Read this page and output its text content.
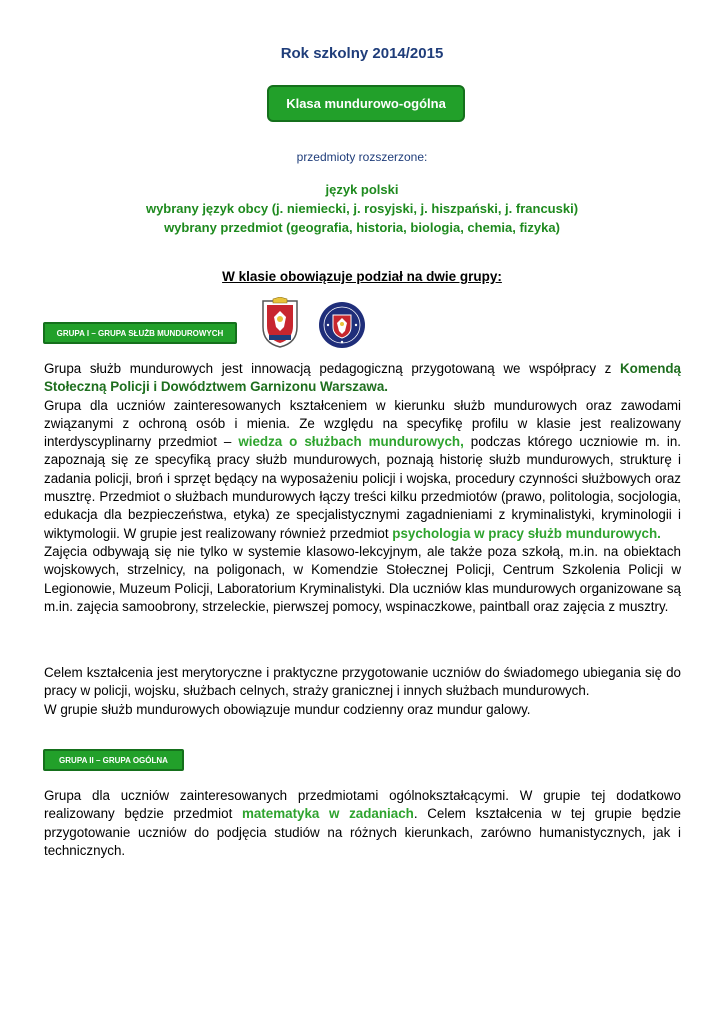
Rok szkolny 2014/2015
Klasa mundurowo-ogólna
przedmioty rozszerzone:
język polski
wybrany język obcy (j. niemiecki, j. rosyjski, j. hiszpański, j. francuski)
wybrany przedmiot (geografia, historia, biologia, chemia, fizyka)
W klasie obowiązuje podział na dwie grupy:
GRUPA I – GRUPA SŁUŻB MUNDUROWYCH
Grupa służb mundurowych jest innowacją pedagogiczną przygotowaną we współpracy z Komendą Stołeczną Policji i Dowództwem Garnizonu Warszawa.
Grupa dla uczniów zainteresowanych kształceniem w kierunku służb mundurowych oraz zawodami związanymi z ochroną osób i mienia. Ze względu na specyfikę profilu w klasie jest realizowany interdyscyplinarny przedmiot – wiedza o służbach mundurowych, podczas którego uczniowie m. in. zapoznają się ze specyfiką pracy służb mundurowych, poznają historię służb mundurowych, strukturę i zadania policji, broń i sprzęt będący na wyposażeniu policji i wojska, procedury czynności służbowych oraz musztrę. Przedmiot o służbach mundurowych łączy treści kilku przedmiotów (prawo, politologia, socjologia, edukacja dla bezpieczeństwa, etyka) ze specjalistycznymi zagadnieniami z kryminalistyki, kryminologii i wiktymologii. W grupie jest realizowany również przedmiot psychologia w pracy służb mundurowych.
Zajęcia odbywają się nie tylko w systemie klasowo-lekcyjnym, ale także poza szkołą, m.in. na obiektach wojskowych, strzelnicy, na poligonach, w Komendzie Stołecznej Policji, Centrum Szkolenia Policji w Legionowie, Muzeum Policji, Laboratorium Kryminalistyki. Dla uczniów klas mundurowych organizowane są m.in. zajęcia samoobrony, strzeleckie, pierwszej pomocy, wspinaczkowe, paintball oraz zajęcia z musztry.
Celem kształcenia jest merytoryczne i praktyczne przygotowanie uczniów do świadomego ubiegania się do pracy w policji, wojsku, służbach celnych, straży granicznej i innych służbach mundurowych.
W grupie służb mundurowych obowiązuje mundur codzienny oraz mundur galowy.
GRUPA II – GRUPA OGÓLNA
Grupa dla uczniów zainteresowanych przedmiotami ogólnokształcącymi. W grupie tej dodatkowo realizowany będzie przedmiot matematyka w zadaniach. Celem kształcenia w tej grupie będzie przygotowanie uczniów do podjęcia studiów na różnych kierunkach, zarówno humanistycznych, jak i technicznych.
